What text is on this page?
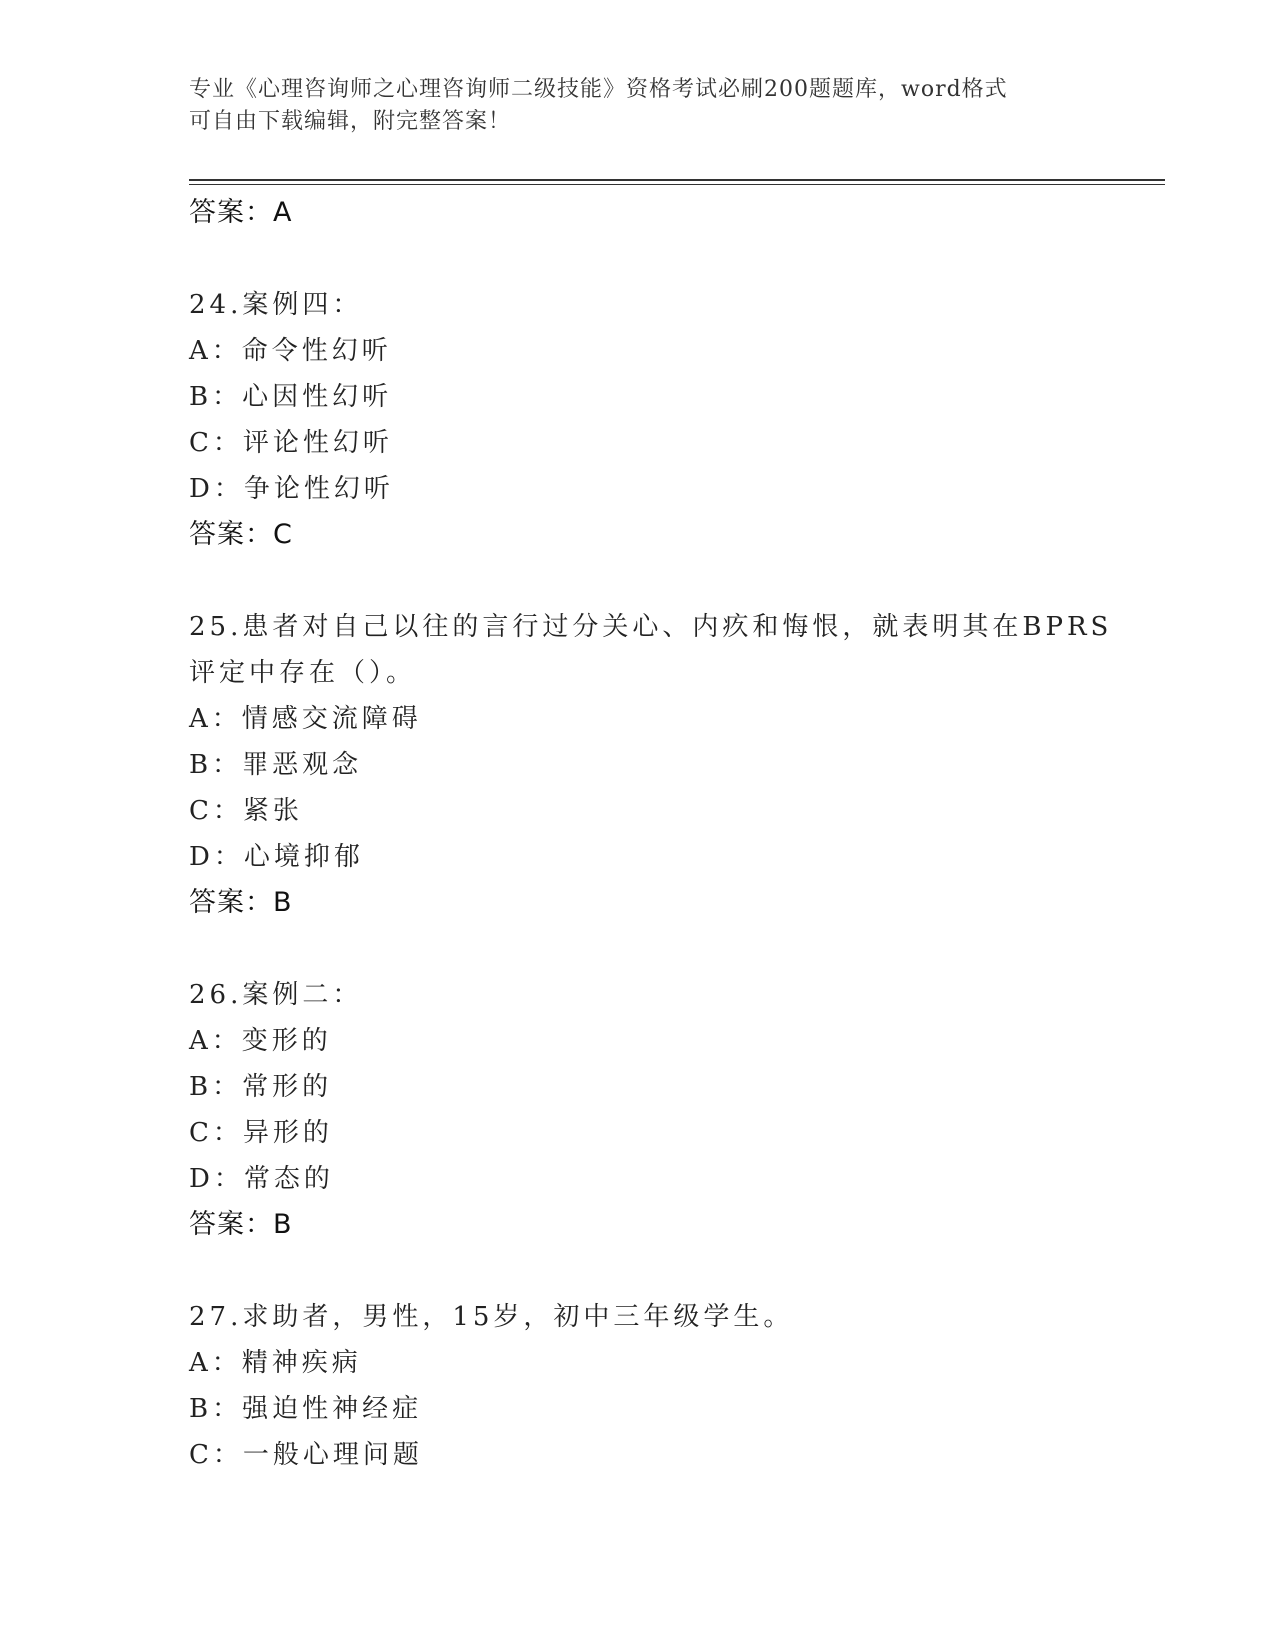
专业《心理咨询师之心理咨询师二级技能》资格考试必刷200题题库，word格式
可自由下载编辑，附完整答案！
答案：A
24.案例四：
A：命令性幻听
B：心因性幻听
C：评论性幻听
D：争论性幻听
答案：C
25.患者对自己以往的言行过分关心、内疚和悔恨，就表明其在BPRS
评定中存在（）。
A：情感交流障碍
B：罪恶观念
C：紧张
D：心境抑郁
答案：B
26.案例二：
A：变形的
B：常形的
C：异形的
D：常态的
答案：B
27.求助者，男性，15岁，初中三年级学生。
A：精神疾病
B：强迫性神经症
C：一般心理问题
